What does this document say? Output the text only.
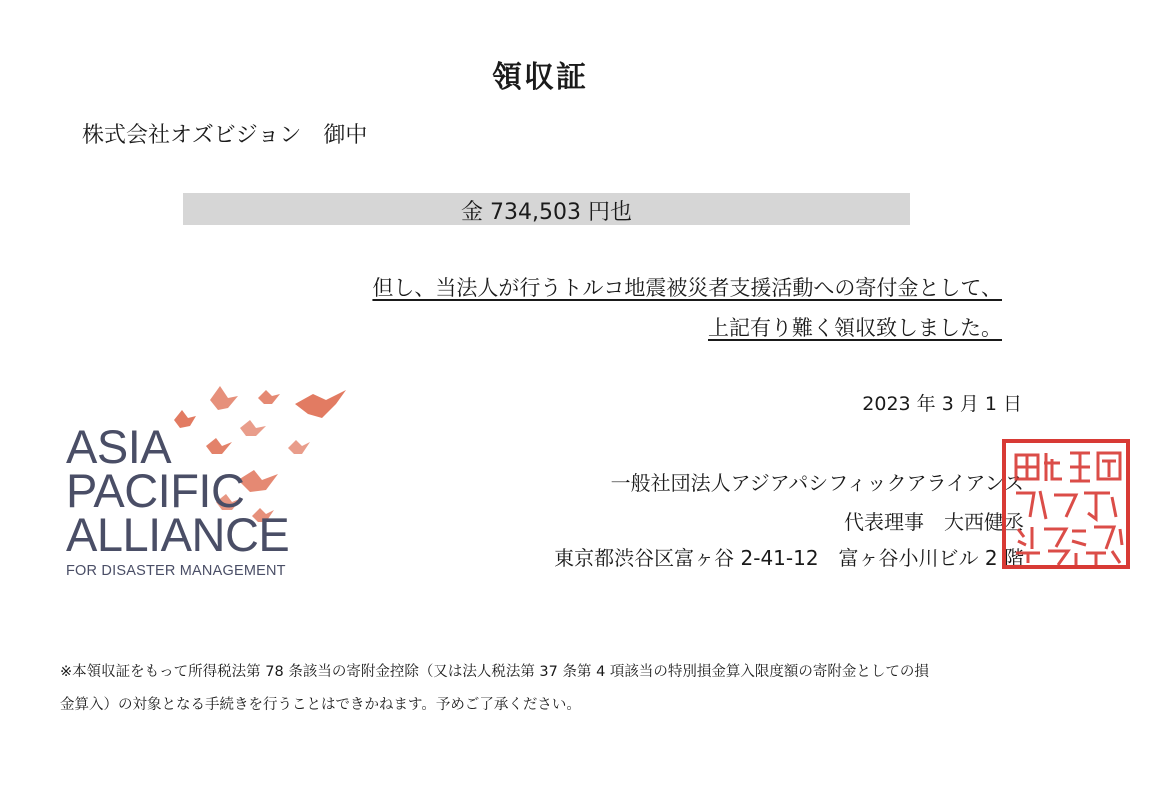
領収証
株式会社オズビジョン　御中
金 734,503 円也
但し、当法人が行うトルコ地震被災者支援活動への寄付金として、
上記有り難く領収致しました。
2023 年 3 月 1 日
ASIA
PACIFIC
ALLIANCE
FOR DISASTER MANAGEMENT
一般社団法人アジアパシフィックアライアンス
代表理事　大西健丞
東京都渋谷区富ヶ谷 2-41-12　富ヶ谷小川ビル 2 階
※本領収証をもって所得税法第 78 条該当の寄附金控除（又は法人税法第 37 条第 4 項該当の特別損金算入限度額の寄附金としての損
金算入）の対象となる手続きを行うことはできかねます。予めご了承ください。
